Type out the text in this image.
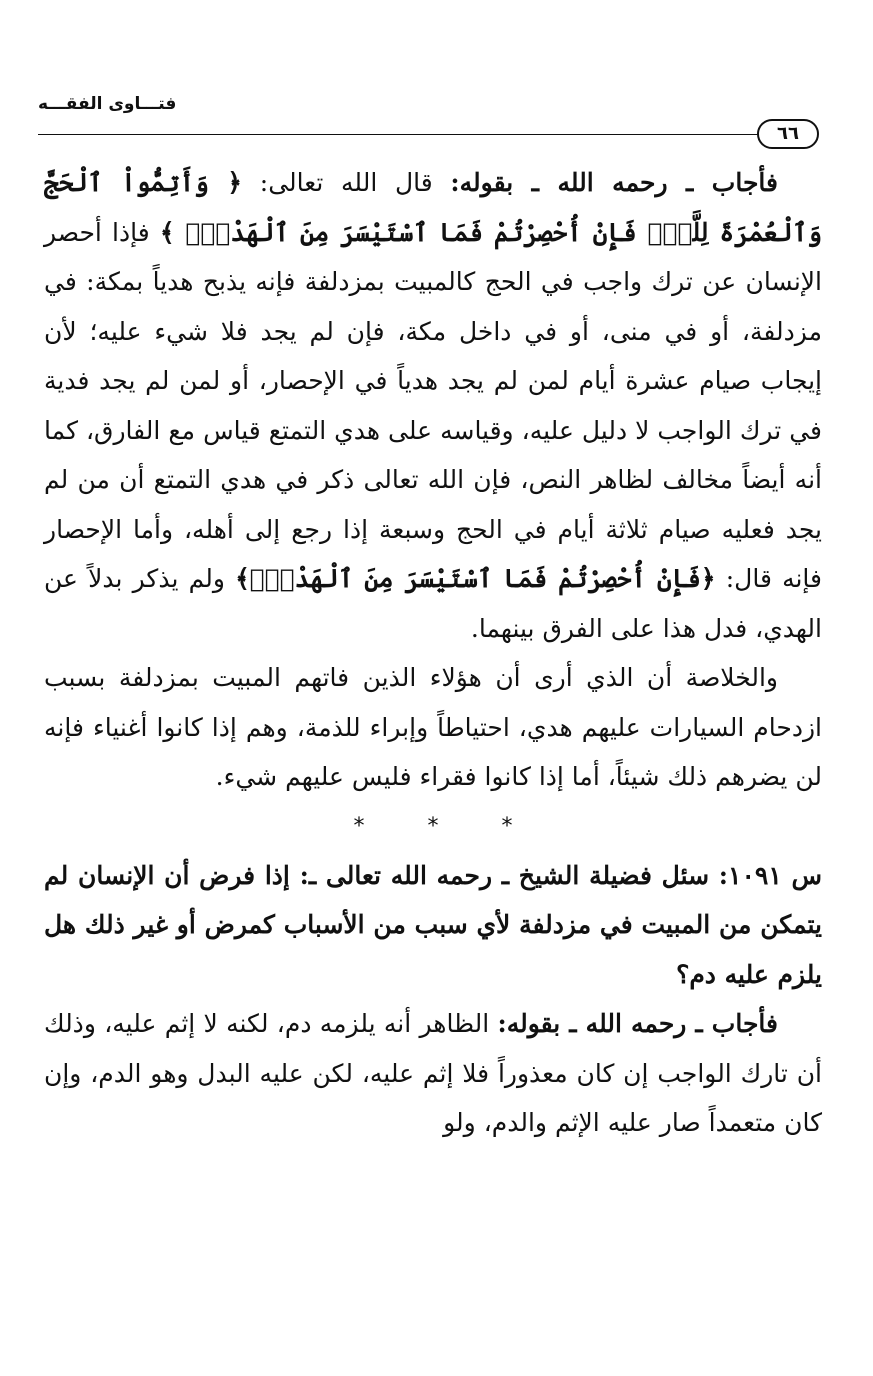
فتـــاوى الفقـــه
٦٦

فأجاب ـ رحمه الله ـ بقوله: قال الله تعالى: ﴿ وَأَتِمُّواْ ٱلْحَجَّ وَٱلْعُمْرَةَ لِلَّهِۚ فَإِنْ أُحْصِرْتُمْ فَمَا ٱسْتَيْسَرَ مِنَ ٱلْهَدْيِۖ ﴾ فإذا أحصر الإنسان عن ترك واجب في الحج كالمبيت بمزدلفة فإنه يذبح هدياً بمكة: في مزدلفة، أو في منى، أو في داخل مكة، فإن لم يجد فلا شيء عليه؛ لأن إيجاب صيام عشرة أيام لمن لم يجد هدياً في الإحصار، أو لمن لم يجد فدية في ترك الواجب لا دليل عليه، وقياسه على هدي التمتع قياس مع الفارق، كما أنه أيضاً مخالف لظاهر النص، فإن الله تعالى ذكر في هدي التمتع أن من لم يجد فعليه صيام ثلاثة أيام في الحج وسبعة إذا رجع إلى أهله، وأما الإحصار فإنه قال: ﴿فَإِنْ أُحْصِرْتُمْ فَمَا ٱسْتَيْسَرَ مِنَ ٱلْهَدْيِۖ﴾ ولم يذكر بدلاً عن الهدي، فدل هذا على الفرق بينهما.

والخلاصة أن الذي أرى أن هؤلاء الذين فاتهم المبيت بمزدلفة بسبب ازدحام السيارات عليهم هدي، احتياطاً وإبراء للذمة، وهم إذا كانوا أغنياء فإنه لن يضرهم ذلك شيئاً، أما إذا كانوا فقراء فليس عليهم شيء.

* * *

س ١٠٩١: سئل فضيلة الشيخ ـ رحمه الله تعالى ـ: إذا فرض أن الإنسان لم يتمكن من المبيت في مزدلفة لأي سبب من الأسباب كمرض أو غير ذلك هل يلزم عليه دم؟

فأجاب ـ رحمه الله ـ بقوله: الظاهر أنه يلزمه دم، لكنه لا إثم عليه، وذلك أن تارك الواجب إن كان معذوراً فلا إثم عليه، لكن عليه البدل وهو الدم، وإن كان متعمداً صار عليه الإثم والدم، ولو
